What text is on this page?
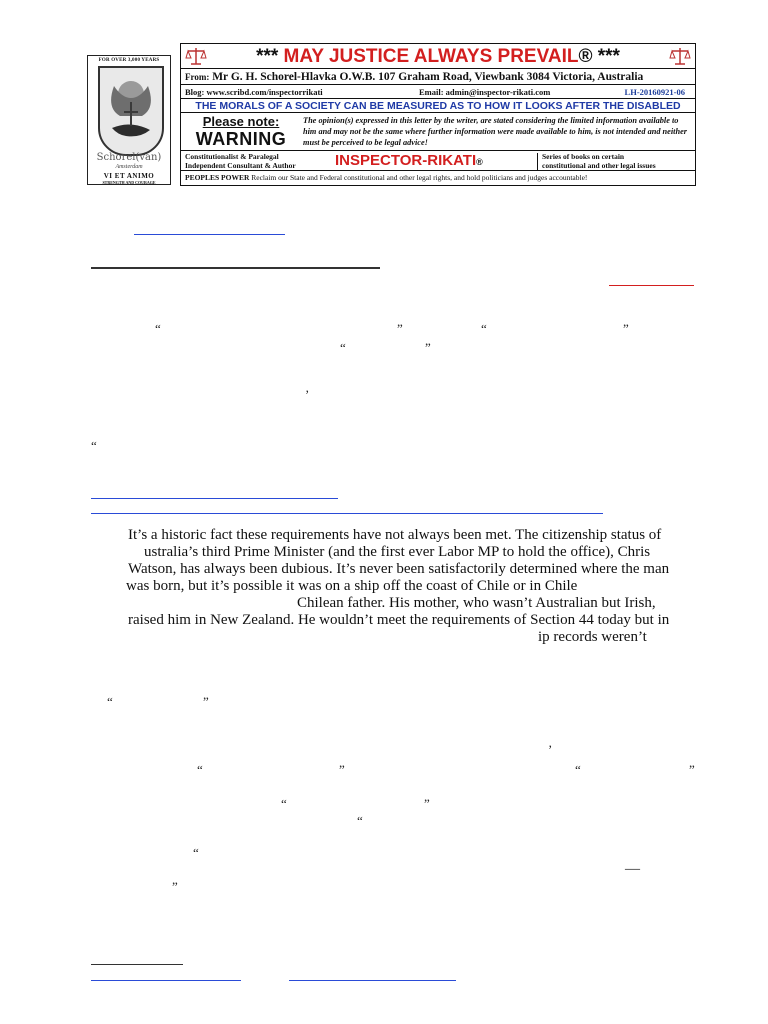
FOR OVER 3,000 YEARS
Schorel(van)
Amsterdam
VI ET ANIMO
STRENGTH AND COURAGE
*** MAY JUSTICE ALWAYS PREVAIL® ***
From: Mr G. H. Schorel-Hlavka O.W.B. 107 Graham Road, Viewbank 3084 Victoria, Australia
Blog: www.scribd.com/inspectorrikati	Email: admin@inspector-rikati.com	LH-20160921-06
THE MORALS OF A SOCIETY CAN BE MEASURED AS TO HOW IT LOOKS AFTER THE DISABLED
Please note:
WARNING
The opinion(s) expressed in this letter by the writer, are stated considering the limited information available to him and may not be the same where further information were made available to him, is not intended and neither must be perceived to be legal advice!
Constitutionalist & Paralegal
Independent Consultant & Author	INSPECTOR-RIKATI®
Series of books on certain
constitutional and other legal issues
PEOPLES POWER Reclaim our State and Federal constitutional and other legal rights, and hold politicians and judges accountable!
“	”	“	”
“	”
’
“
It’s a historic fact these requirements have not always been met. The citizenship status of
ustralia’s third Prime Minister (and the first ever Labor MP to hold the office), Chris
Watson, has always been dubious. It’s never been satisfactorily determined where the man
was born, but it’s possible it was on a ship off the coast of Chile or in Chile
Chilean father. His mother, who wasn’t Australian but Irish,
raised him in New Zealand. He wouldn’t meet the requirements of Section 44 today but in
ip records weren’t
“	”
’
“	”	“	”
“	”
“
“
—
”
